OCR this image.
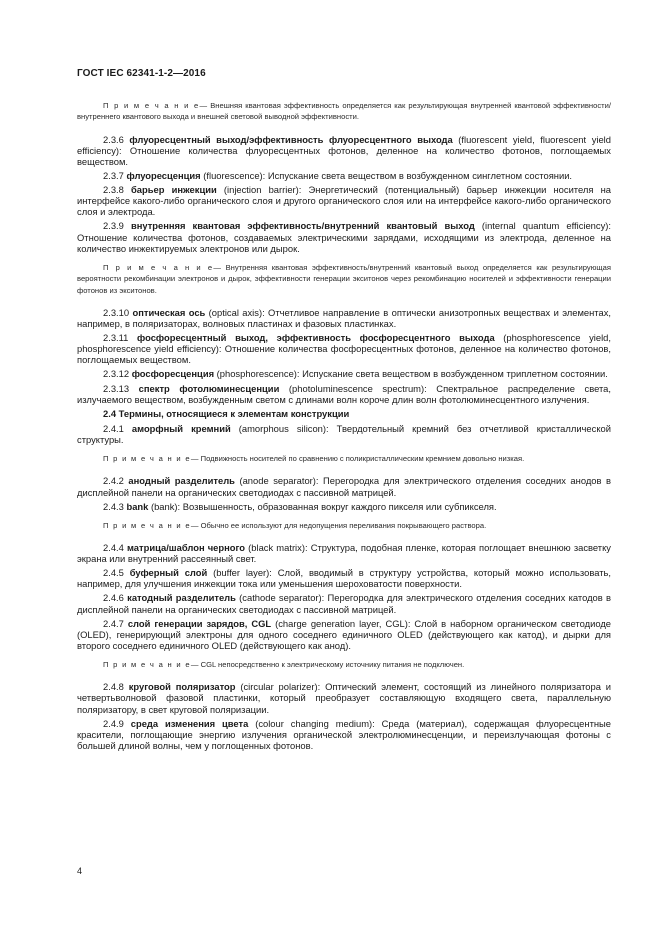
ГОСТ IEC 62341-1-2—2016
П р и м е ч а н и е— Внешняя квантовая эффективность определяется как результирующая внутренней квантовой эффективности/внутреннего квантового выхода и внешней световой выводной эффективности.
2.3.6 флуоресцентный выход/эффективность флуоресцентного выхода (fluorescent yield, fluorescent yield efficiency): Отношение количества флуоресцентных фотонов, деленное на количество фотонов, поглощаемых веществом.
2.3.7 флуоресценция (fluorescence): Испускание света веществом в возбужденном синглетном состоянии.
2.3.8 барьер инжекции (injection barrier): Энергетический (потенциальный) барьер инжекции носителя на интерфейсе какого-либо органического слоя и другого органического слоя или на интерфейсе какого-либо органического слоя и электрода.
2.3.9 внутренняя квантовая эффективность/внутренний квантовый выход (internal quantum efficiency): Отношение количества фотонов, создаваемых электрическими зарядами, исходящими из электрода, деленное на количество инжектируемых электронов или дырок.
П р и м е ч а н и е— Внутренняя квантовая эффективность/внутренний квантовый выход определяется как результирующая вероятности рекомбинации электронов и дырок, эффективности генерации экситонов через рекомбинацию носителей и эффективности генерации фотонов из экситонов.
2.3.10 оптическая ось (optical axis): Отчетливое направление в оптически анизотропных веществах и элементах, например, в поляризаторах, волновых пластинах и фазовых пластинках.
2.3.11 фосфоресцентный выход, эффективность фосфоресцентного выхода (phosphorescence yield, phosphorescence yield efficiency): Отношение количества фосфоресцентных фотонов, деленное на количество фотонов, поглощаемых веществом.
2.3.12 фосфоресценция (phosphorescence): Испускание света веществом в возбужденном триплетном состоянии.
2.3.13 спектр фотолюминесценции (photoluminescence spectrum): Спектральное распределение света, излучаемого веществом, возбужденным светом с длинами волн короче длин волн фотолюминесцентного излучения.
2.4 Термины, относящиеся к элементам конструкции
2.4.1 аморфный кремний (amorphous silicon): Твердотельный кремний без отчетливой кристаллической структуры.
П р и м е ч а н и е— Подвижность носителей по сравнению с поликристаллическим кремнием довольно низкая.
2.4.2 анодный разделитель (anode separator): Перегородка для электрического отделения соседних анодов в дисплейной панели на органических светодиодах с пассивной матрицей.
2.4.3 bank (bank): Возвышенность, образованная вокруг каждого пикселя или субпикселя.
П р и м е ч а н и е— Обычно ее используют для недопущения переливания покрывающего раствора.
2.4.4 матрица/шаблон черного (black matrix): Структура, подобная пленке, которая поглощает внешнюю засветку экрана или внутренний рассеянный свет.
2.4.5 буферный слой (buffer layer): Слой, вводимый в структуру устройства, который можно использовать, например, для улучшения инжекции тока или уменьшения шероховатости поверхности.
2.4.6 катодный разделитель (cathode separator): Перегородка для электрического отделения соседних катодов в дисплейной панели на органических светодиодах с пассивной матрицей.
2.4.7 слой генерации зарядов, CGL (charge generation layer, CGL): Слой в наборном органическом светодиоде (OLED), генерирующий электроны для одного соседнего единичного OLED (действующего как катод), и дырки для второго соседнего единичного OLED (действующего как анод).
П р и м е ч а н и е— CGL непосредственно к электрическому источнику питания не подключен.
2.4.8 круговой поляризатор (circular polarizer): Оптический элемент, состоящий из линейного поляризатора и четвертьволновой фазовой пластинки, который преобразует составляющую входящего света, параллельную поляризатору, в свет круговой поляризации.
2.4.9 среда изменения цвета (colour changing medium): Среда (материал), содержащая флуоресцентные красители, поглощающие энергию излучения органической электролюминесценции, и переизлучающая фотоны с большей длиной волны, чем у поглощенных фотонов.
4
